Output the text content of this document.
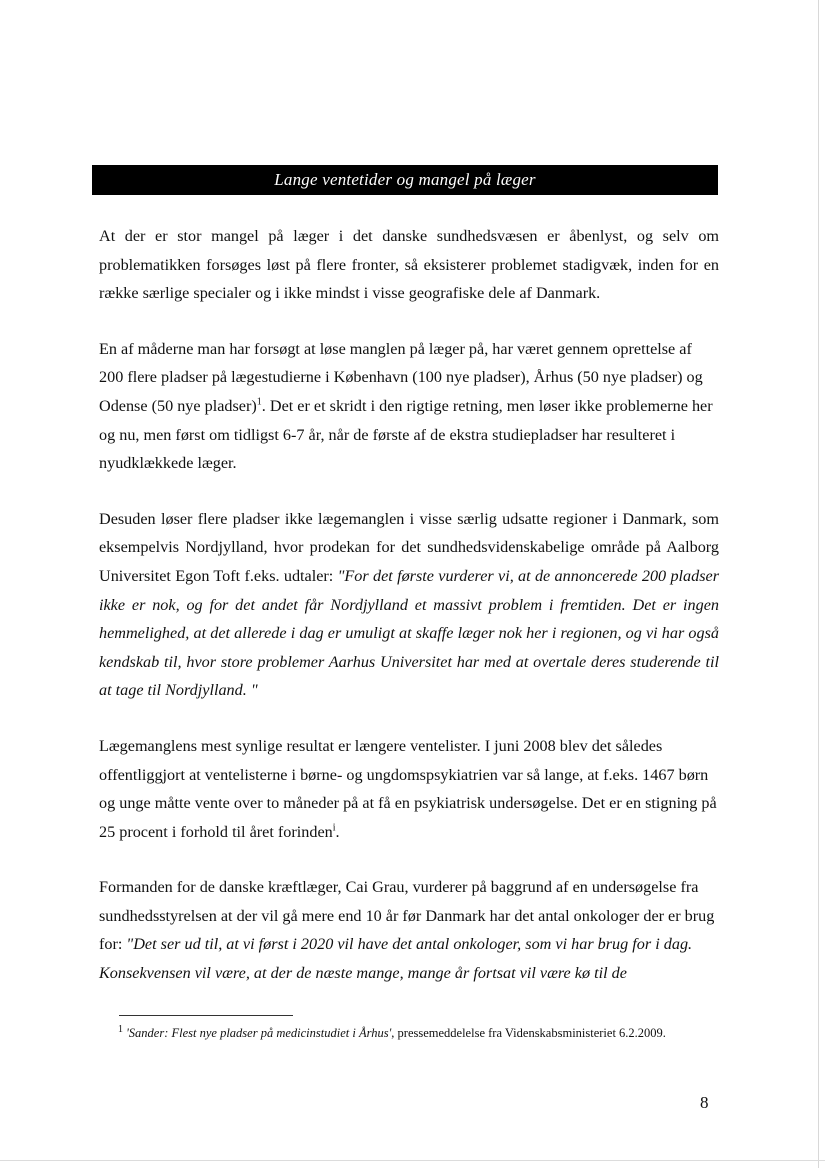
Lange ventetider og mangel på læger

At der er stor mangel på læger i det danske sundhedsvæsen er åbenlyst, og selv om problematikken forsøges løst på flere fronter, så eksisterer problemet stadigvæk, inden for en række særlige specialer og i ikke mindst i visse geografiske dele af Danmark.

En af måderne man har forsøgt at løse manglen på læger på, har været gennem oprettelse af 200 flere pladser på lægestudierne i København (100 nye pladser), Århus (50 nye pladser) og Odense (50 nye pladser)$^1$. Det er et skridt i den rigtige retning, men løser ikke problemerne her og nu, men først om tidligst 6-7 år, når de første af de ekstra studiepladser har resulteret i nyudklækkede læger.

Desuden løser flere pladser ikke lægemanglen i visse særlig udsatte regioner i Danmark, som eksempelvis Nordjylland, hvor prodekan for det sundhedsvidenskabelige område på Aalborg Universitet Egon Toft f.eks. udtaler: "For det første vurderer vi, at de annoncerede 200 pladser ikke er nok, og for det andet får Nordjylland et massivt problem i fremtiden. Det er ingen hemmelighed, at det allerede i dag er umuligt at skaffe læger nok her i regionen, og vi har også kendskab til, hvor store problemer Aarhus Universitet har med at overtale deres studerende til at tage til Nordjylland. "

Lægemanglens mest synlige resultat er længere ventelister. I juni 2008 blev det således offentliggjort at ventelisterne i børne- og ungdomspsykiatrien var så lange, at f.eks. 1467 børn og unge måtte vente over to måneder på at få en psykiatrisk undersøgelse. Det er en stigning på 25 procent i forhold til året forinden$^i$.

Formanden for de danske kræftlæger, Cai Grau, vurderer på baggrund af en undersøgelse fra sundhedsstyrelsen at der vil gå mere end 10 år før Danmark har det antal onkologer der er brug for: "Det ser ud til, at vi først i 2020 vil have det antal onkologer, som vi har brug for i dag. Konsekvensen vil være, at der de næste mange, mange år fortsat vil være kø til de

$^1$ 'Sander: Flest nye pladser på medicinstudiet i Århus', pressemeddelelse fra Videnskabsministeriet 6.2.2009.
8
